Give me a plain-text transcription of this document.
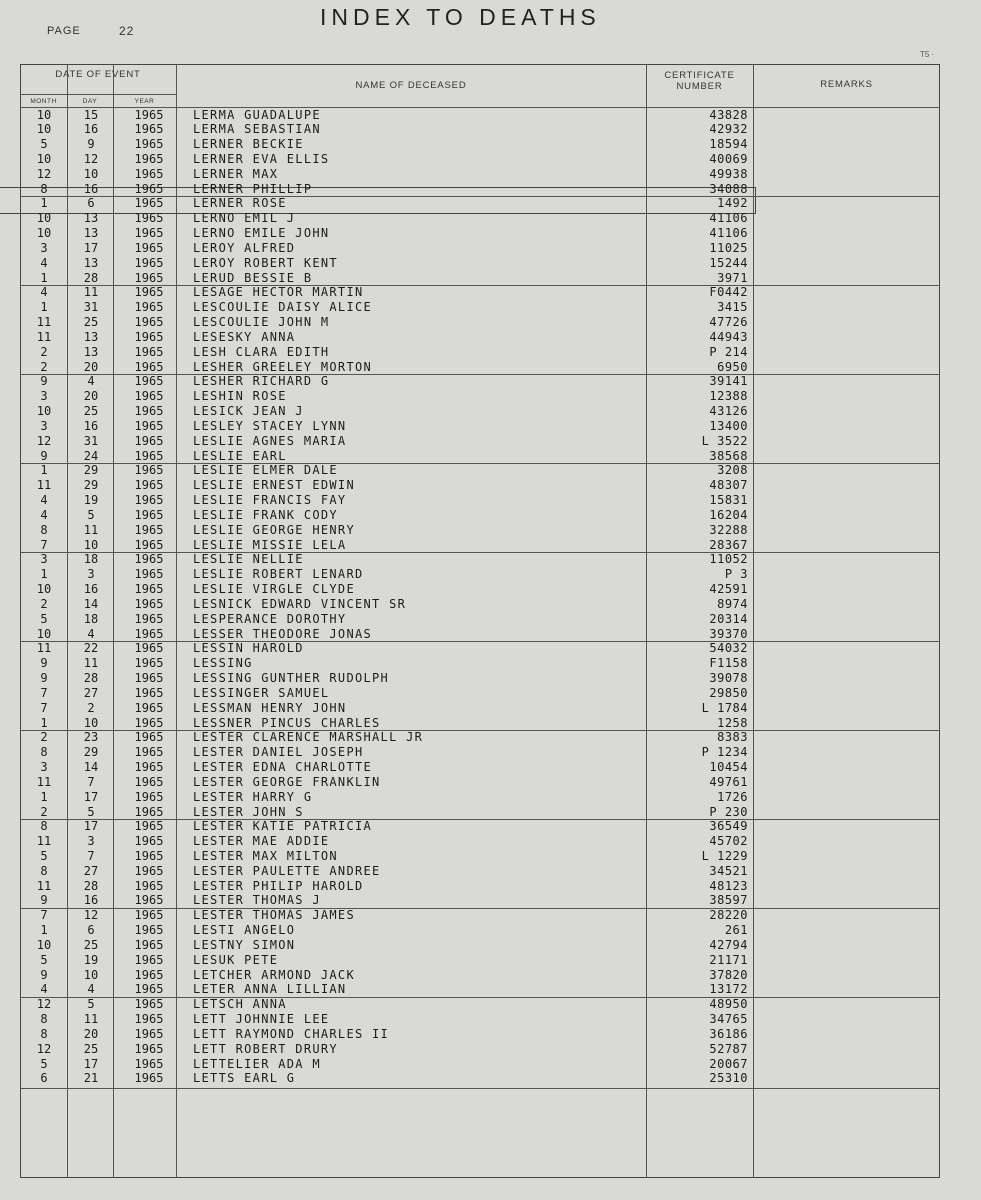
PAGE	22
INDEX TO DEATHS
T5 ·
DATE OF EVENT
MONTH	DAY	YEAR
NAME OF DECEASED
CERTIFICATE NUMBER	REMARKS
10	15	1965	LERMA GUADALUPE	43828
10	16	1965	LERMA SEBASTIAN	42932
5	9	1965	LERNER BECKIE	18594
10	12	1965	LERNER EVA ELLIS	40069
12	10	1965	LERNER MAX	49938
8	16	1965	LERNER PHILLIP	34088
1	6	1965	LERNER ROSE	1492
10	13	1965	LERNO EMIL J	41106
10	13	1965	LERNO EMILE JOHN	41106
3	17	1965	LEROY ALFRED	11025
4	13	1965	LEROY ROBERT KENT	15244
1	28	1965	LERUD BESSIE B	3971
4	11	1965	LESAGE HECTOR MARTIN	F0442
1	31	1965	LESCOULIE DAISY ALICE	3415
11	25	1965	LESCOULIE JOHN M	47726
11	13	1965	LESESKY ANNA	44943
2	13	1965	LESH CLARA EDITH	P 214
2	20	1965	LESHER GREELEY MORTON	6950
9	4	1965	LESHER RICHARD G	39141
3	20	1965	LESHIN ROSE	12388
10	25	1965	LESICK JEAN J	43126
3	16	1965	LESLEY STACEY LYNN	13400
12	31	1965	LESLIE AGNES MARIA	L 3522
9	24	1965	LESLIE EARL	38568
1	29	1965	LESLIE ELMER DALE	3208
11	29	1965	LESLIE ERNEST EDWIN	48307
4	19	1965	LESLIE FRANCIS FAY	15831
4	5	1965	LESLIE FRANK CODY	16204
8	11	1965	LESLIE GEORGE HENRY	32288
7	10	1965	LESLIE MISSIE LELA	28367
3	18	1965	LESLIE NELLIE	11052
1	3	1965	LESLIE ROBERT LENARD	P 3
10	16	1965	LESLIE VIRGLE CLYDE	42591
2	14	1965	LESNICK EDWARD VINCENT SR	8974
5	18	1965	LESPERANCE DOROTHY	20314
10	4	1965	LESSER THEODORE JONAS	39370
11	22	1965	LESSIN HAROLD	54032
9	11	1965	LESSING	F1158
9	28	1965	LESSING GUNTHER RUDOLPH	39078
7	27	1965	LESSINGER SAMUEL	29850
7	2	1965	LESSMAN HENRY JOHN	L 1784
1	10	1965	LESSNER PINCUS CHARLES	1258
2	23	1965	LESTER CLARENCE MARSHALL JR	8383
8	29	1965	LESTER DANIEL JOSEPH	P 1234
3	14	1965	LESTER EDNA CHARLOTTE	10454
11	7	1965	LESTER GEORGE FRANKLIN	49761
1	17	1965	LESTER HARRY G	1726
2	5	1965	LESTER JOHN S	P 230
8	17	1965	LESTER KATIE PATRICIA	36549
11	3	1965	LESTER MAE ADDIE	45702
5	7	1965	LESTER MAX MILTON	L 1229
8	27	1965	LESTER PAULETTE ANDREE	34521
11	28	1965	LESTER PHILIP HAROLD	48123
9	16	1965	LESTER THOMAS J	38597
7	12	1965	LESTER THOMAS JAMES	28220
1	6	1965	LESTI ANGELO	261
10	25	1965	LESTNY SIMON	42794
5	19	1965	LESUK PETE	21171
9	10	1965	LETCHER ARMOND JACK	37820
4	4	1965	LETER ANNA LILLIAN	13172
12	5	1965	LETSCH ANNA	48950
8	11	1965	LETT JOHNNIE LEE	34765
8	20	1965	LETT RAYMOND CHARLES II	36186
12	25	1965	LETT ROBERT DRURY	52787
5	17	1965	LETTELIER ADA M	20067
6	21	1965	LETTS EARL G	25310
